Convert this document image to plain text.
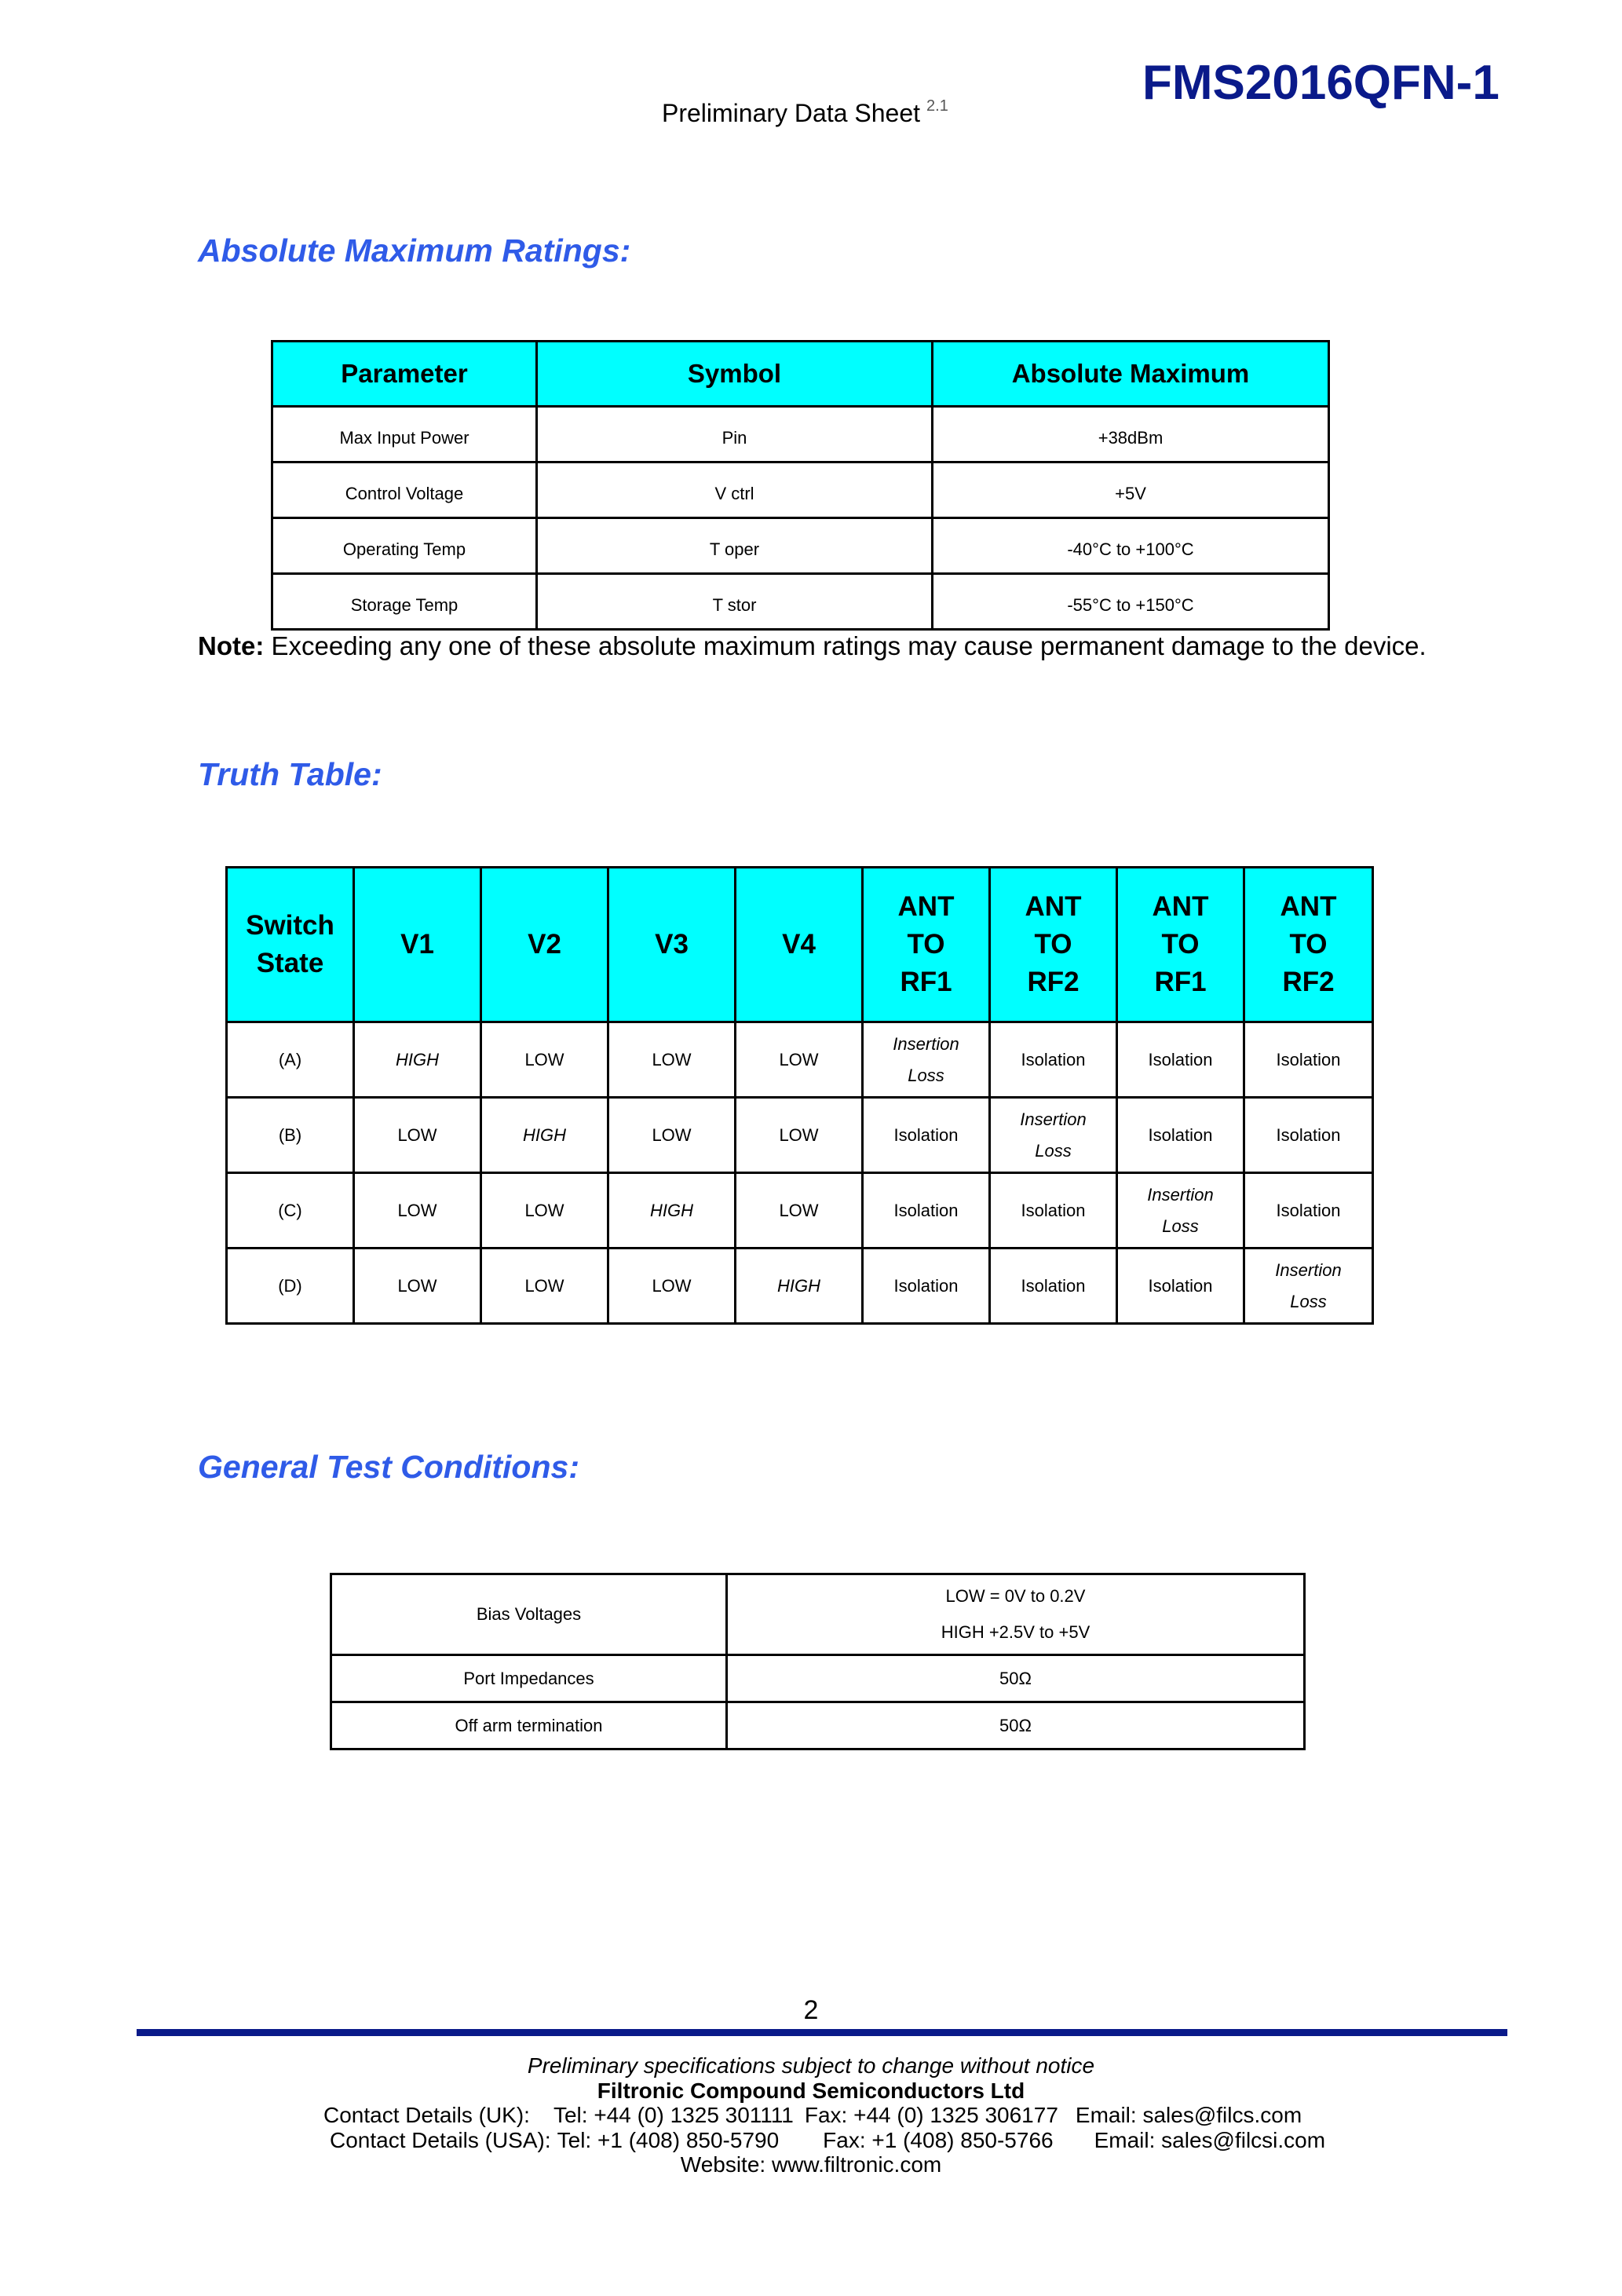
FMS2016QFN-1
Preliminary Data Sheet $^{2.1}$
Absolute Maximum Ratings:
Parameter	Symbol	Absolute Maximum
Max Input Power	Pin	+38dBm
Control Voltage	V ctrl	+5V
Operating Temp	T oper	-40°C to +100°C
Storage Temp	T stor	-55°C to +150°C
Note: Exceeding any one of these absolute maximum ratings may cause permanent damage to the device.
Truth Table:
Switch State	V1	V2	V3	V4	ANT TO RF1	ANT TO RF2	ANT TO RF1	ANT TO RF2
(A)	HIGH	LOW	LOW	LOW	Insertion Loss	Isolation	Isolation	Isolation
(B)	LOW	HIGH	LOW	LOW	Isolation	Insertion Loss	Isolation	Isolation
(C)	LOW	LOW	HIGH	LOW	Isolation	Isolation	Insertion Loss	Isolation
(D)	LOW	LOW	LOW	HIGH	Isolation	Isolation	Isolation	Insertion Loss
General Test Conditions:
Bias Voltages	LOW = 0V to 0.2V
HIGH +2.5V to +5V

Port Impedances	50Ω
Off arm termination	50Ω
2
Preliminary specifications subject to change without notice
Filtronic Compound Semiconductors Ltd
Contact Details (UK): Tel: +44 (0) 1325 301111 Fax: +44 (0) 1325 306177 Email: sales@filcs.com
Contact Details (USA): Tel: +1 (408) 850-5790 Fax: +1 (408) 850-5766 Email: sales@filcsi.com
Website: www.filtronic.com
